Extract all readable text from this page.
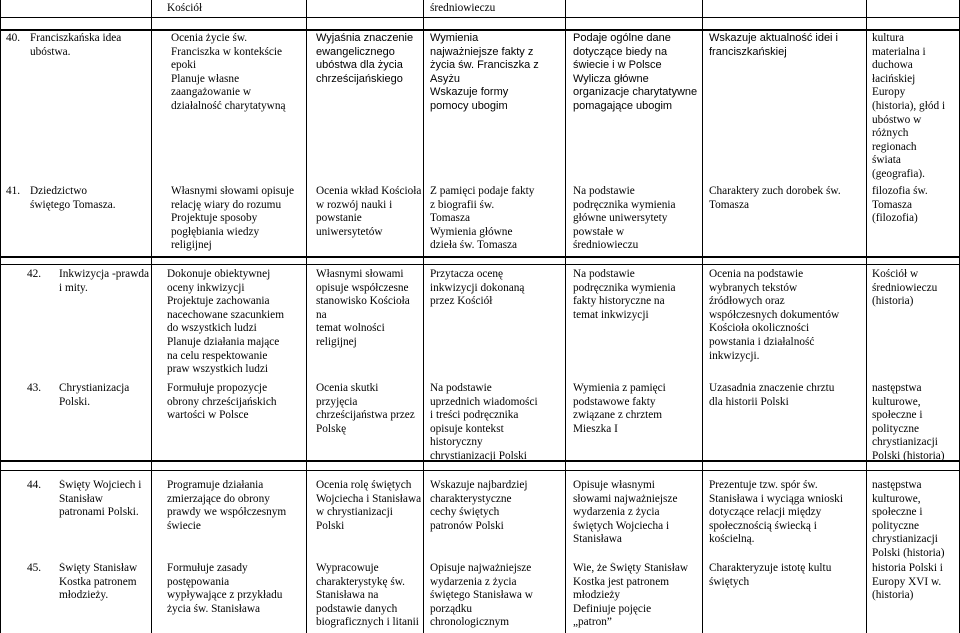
Kościół	średniowieczu
40. Franciszkańska idea
ubóstwa.
Ocenia życie św.
Franciszka w kontekście
epoki
Planuje własne
zaangażowanie w
działalność charytatywną
Wyjaśnia znaczenie
ewangelicznego
ubóstwa dla życia
chrześcijańskiego
Wymienia
najważniejsze fakty z
życia św. Franciszka z
Asyżu
Wskazuje formy
pomocy ubogim
Podaje ogólne dane
dotyczące biedy na
świecie i w Polsce
Wylicza główne
organizacje charytatywne
pomagające ubogim
Wskazuje aktualność idei i
franciszkańskiej
kultura
materialna i
duchowa
łacińskiej
Europy
(historia), głód i
ubóstwo w
różnych
regionach
świata
(geografia).
41. Dziedzictwo
świętego Tomasza.
Własnymi słowami opisuje
relację wiary do rozumu
Projektuje sposoby
pogłębiania wiedzy
religijnej
Ocenia wkład Kościoła
w rozwój nauki i
powstanie
uniwersytetów
Z pamięci podaje fakty
z biografii św.
Tomasza
Wymienia główne
dzieła św. Tomasza
Na podstawie
podręcznika wymienia
główne uniwersytety
powstałe w
średniowieczu
Charaktery zuch dorobek św.
Tomasza
filozofia św.
Tomasza
(filozofia)
42. Inkwizycja -prawda
i mity.
Dokonuje obiektywnej
oceny inkwizycji
Projektuje zachowania
nacechowane szacunkiem
do wszystkich ludzi
Planuje działania mające
na celu respektowanie
praw wszystkich ludzi
Własnymi słowami
opisuje współczesne
stanowisko Kościoła na
temat wolności
religijnej
Przytacza ocenę
inkwizycji dokonaną
przez Kościół
Na podstawie
podręcznika wymienia
fakty historyczne na
temat inkwizycji
Ocenia na podstawie
wybranych tekstów
źródłowych oraz
współczesnych dokumentów
Kościoła okoliczności
powstania i działalność
inkwizycji.
Kościół w
średniowieczu
(historia)
43. Chrystianizacja
Polski.
Formułuje propozycje
obrony chrześcijańskich
wartości w Polsce
Ocenia skutki przyjęcia
chrześcijaństwa przez
Polskę
Na podstawie
uprzednich wiadomości
i treści podręcznika
opisuje kontekst
historyczny
chrystianizacji Polski
Wymienia z pamięci
podstawowe fakty
związane z chrztem
Mieszka I
Uzasadnia znaczenie chrztu
dla historii Polski
następstwa
kulturowe,
społeczne i
polityczne
chrystianizacji
Polski (historia)
44. Święty Wojciech i
Stanisław
patronami Polski.
Programuje działania
zmierzające do obrony
prawdy we współczesnym
świecie
Ocenia rolę świętych
Wojciecha i Stanisława
w chrystianizacji
Polski
Wskazuje najbardziej
charakterystyczne
cechy świętych
patronów Polski
Opisuje własnymi
słowami najważniejsze
wydarzenia z życia
świętych Wojciecha i
Stanisława
Prezentuje tzw. spór św.
Stanisława i wyciąga wnioski
dotyczące relacji między
społecznością świecką i
kościelną.
następstwa
kulturowe,
społeczne i
polityczne
chrystianizacji
Polski (historia)
45. Święty Stanisław
Kostka patronem
młodzieży.
Formułuje zasady
postępowania
wypływające z przykładu
życia św. Stanisława
Wypracowuje
charakterystykę św.
Stanisława na
podstawie danych
biograficznych i litanii
Opisuje najważniejsze
wydarzenia z życia
świętego Stanisława w
porządku
chronologicznym
Wie, że Święty Stanisław
Kostka jest patronem
młodzieży
Definiuje pojęcie
„patron”
Charakteryzuje istotę kultu
świętych
historia Polski i
Europy XVI w.
(historia)
